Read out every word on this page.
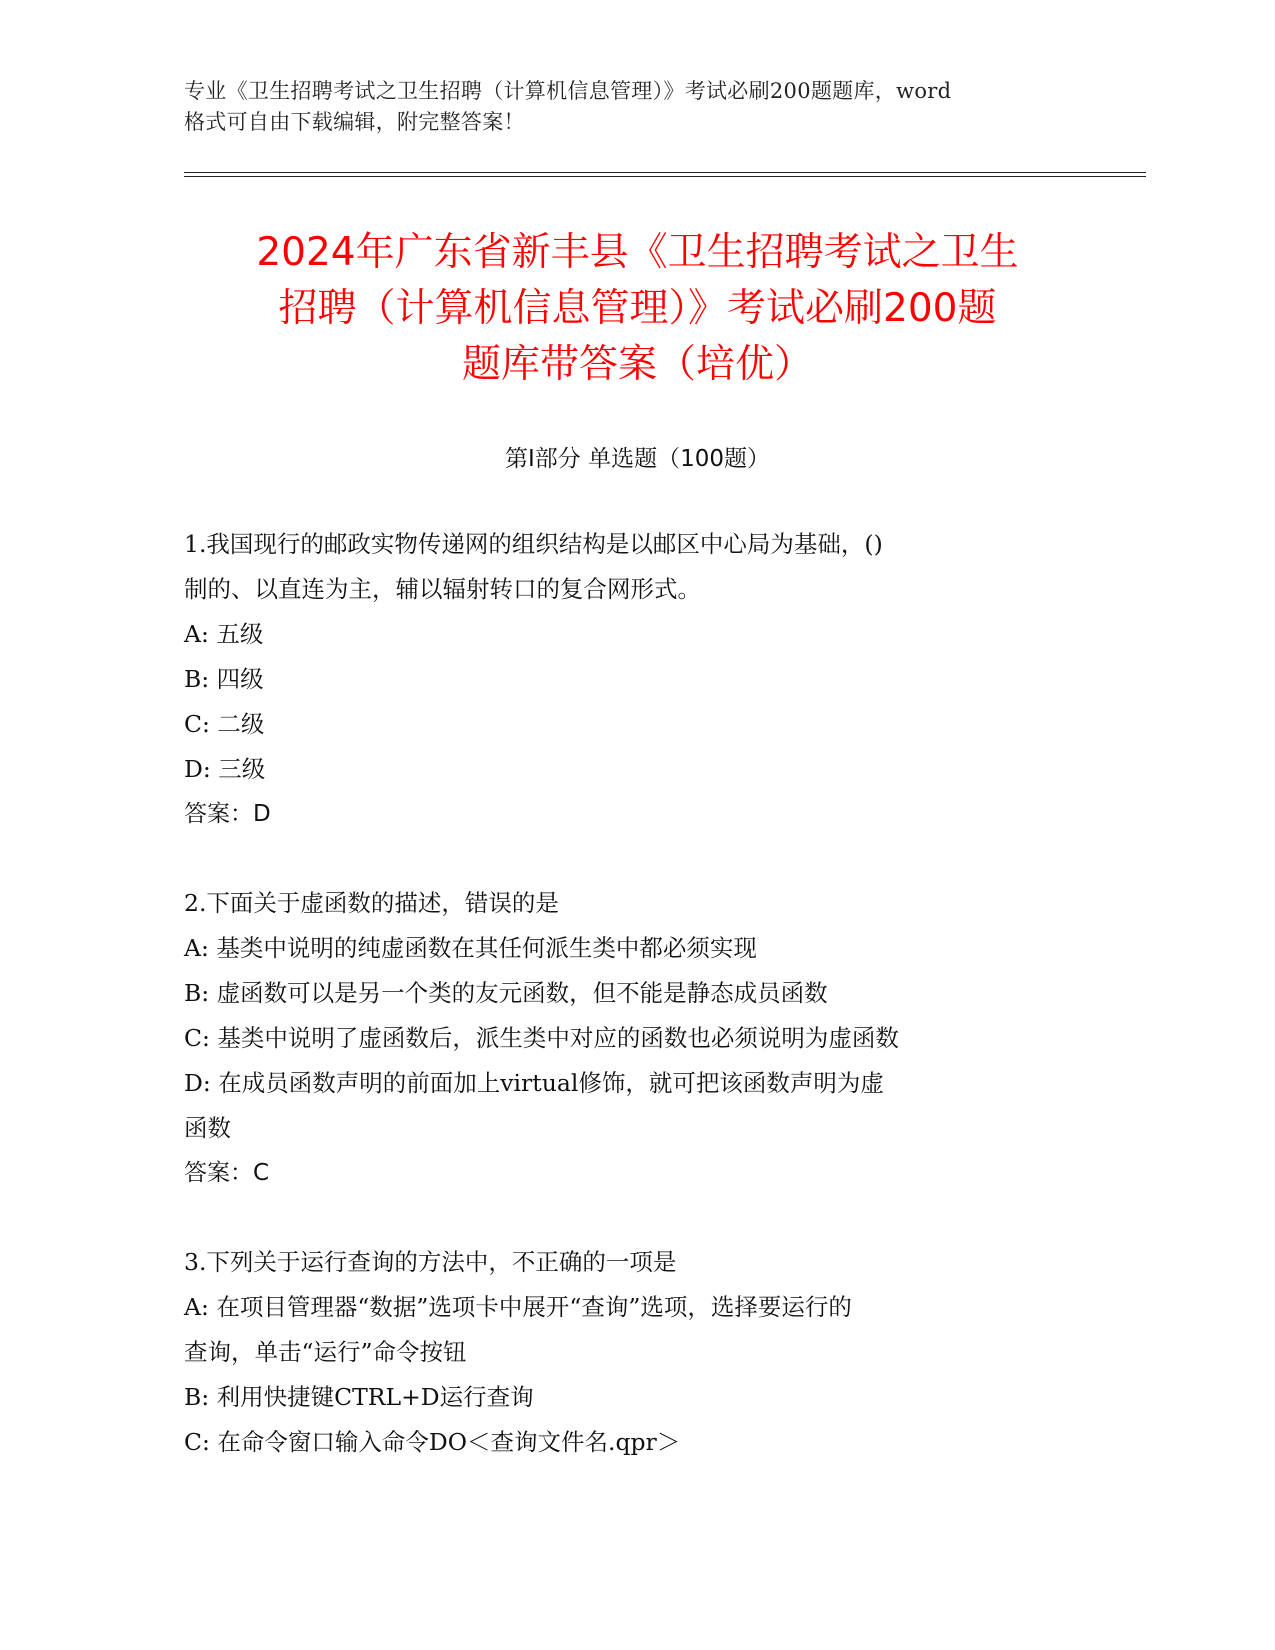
专业《卫生招聘考试之卫生招聘（计算机信息管理）》考试必刷200题题库，word
格式可自由下载编辑，附完整答案！
2024年广东省新丰县《卫生招聘考试之卫生
招聘（计算机信息管理）》考试必刷200题
题库带答案（培优）
第Ⅰ部分 单选题（100题）
1.我国现行的邮政实物传递网的组织结构是以邮区中心局为基础，()
制的、以直连为主，辅以辐射转口的复合网形式。
A: 五级
B: 四级
C: 二级
D: 三级
答案：D
2.下面关于虚函数的描述，错误的是
A: 基类中说明的纯虚函数在其任何派生类中都必须实现
B: 虚函数可以是另一个类的友元函数，但不能是静态成员函数
C: 基类中说明了虚函数后，派生类中对应的函数也必须说明为虚函数
D: 在成员函数声明的前面加上virtual修饰，就可把该函数声明为虚
函数
答案：C
3.下列关于运行查询的方法中，不正确的一项是
A: 在项目管理器“数据”选项卡中展开“查询”选项，选择要运行的
查询，单击“运行”命令按钮
B: 利用快捷键CTRL+D运行查询
C: 在命令窗口输入命令DO＜查询文件名.qpr＞
